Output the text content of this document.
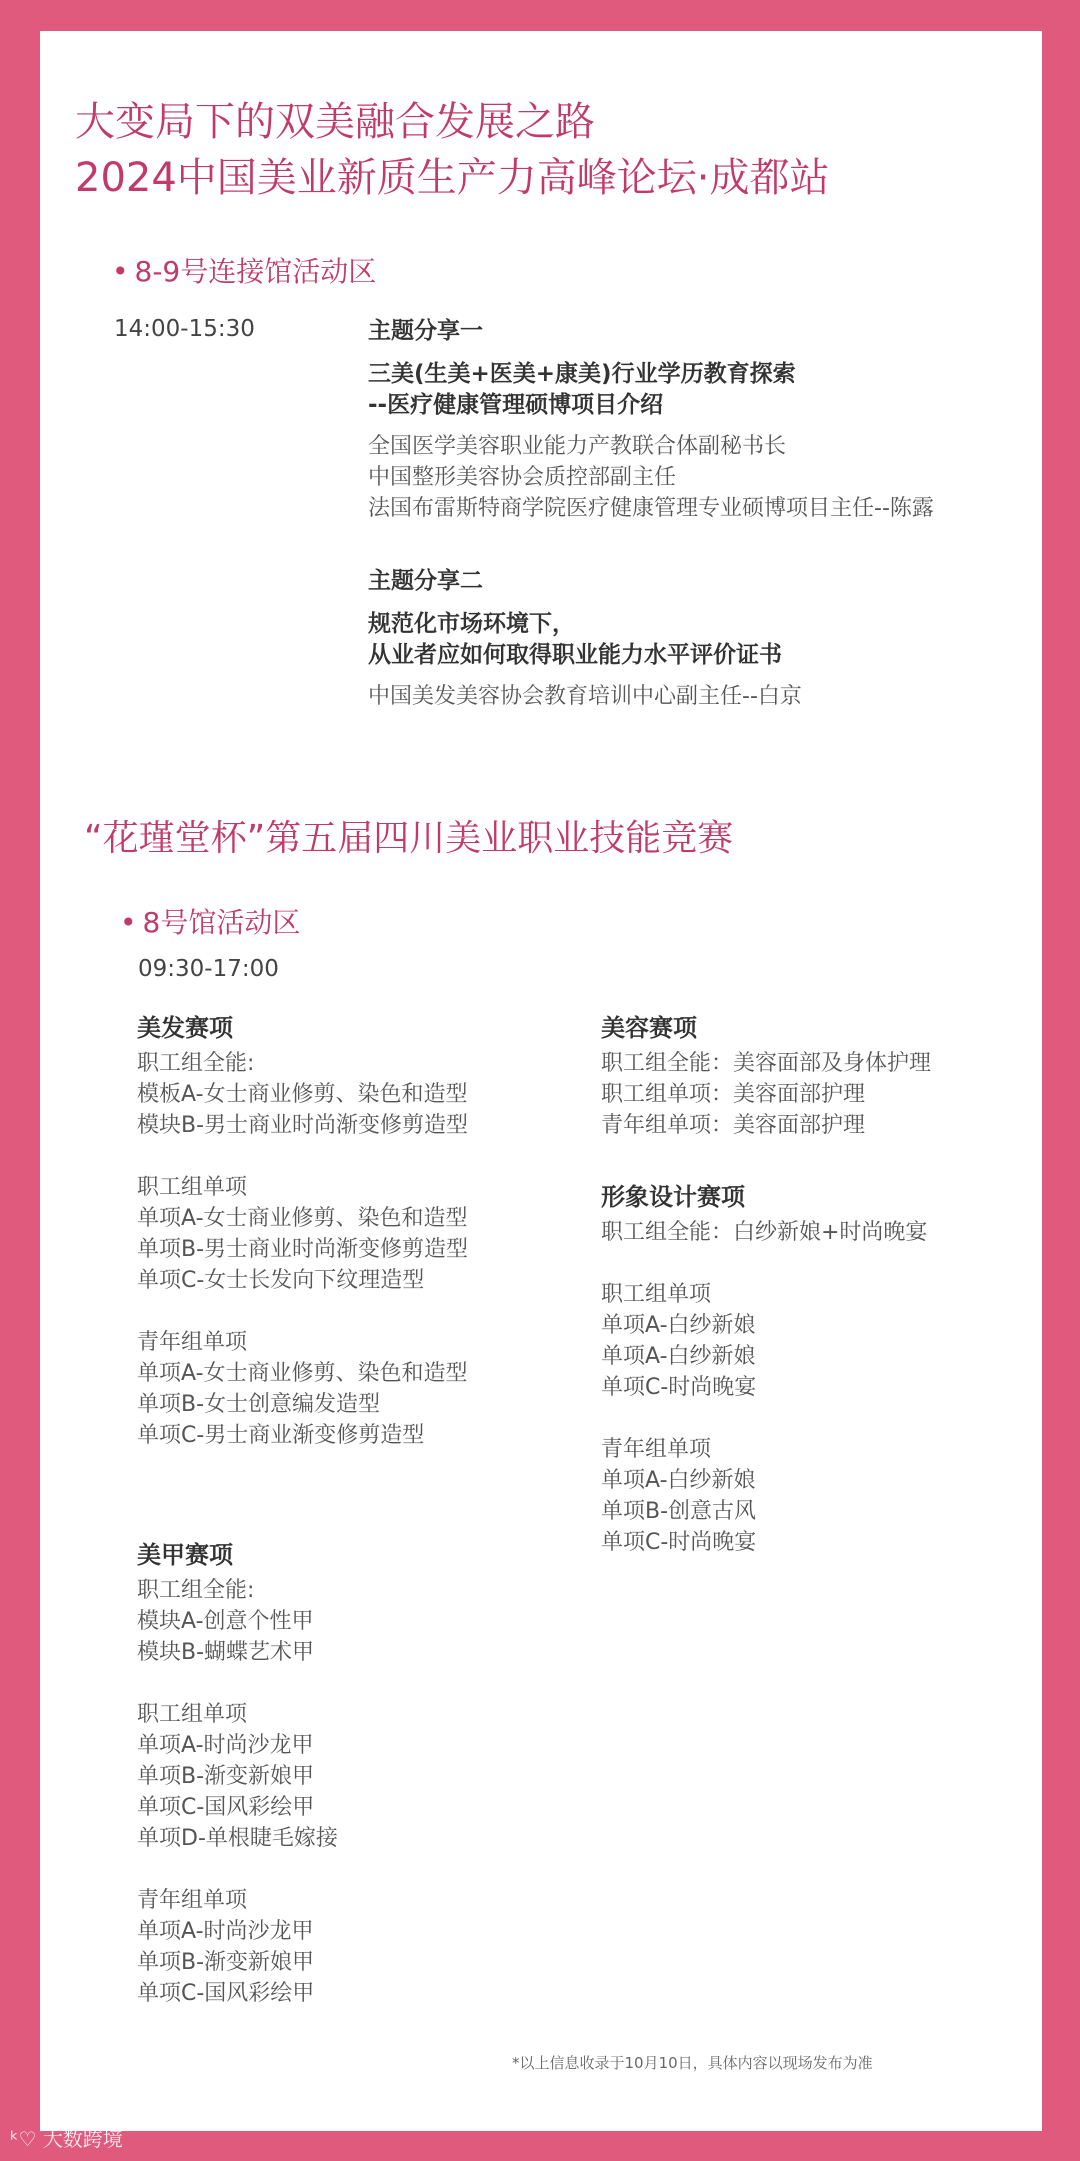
大变局下的双美融合发展之路
2024中国美业新质生产力高峰论坛·成都站
• 8-9号连接馆活动区
14:00-15:30	主题分享一
三美(生美+医美+康美)行业学历教育探索
--医疗健康管理硕博项目介绍
全国医学美容职业能力产教联合体副秘书长
中国整形美容协会质控部副主任
法国布雷斯特商学院医疗健康管理专业硕博项目主任--陈露
主题分享二
规范化市场环境下，
从业者应如何取得职业能力水平评价证书
中国美发美容协会教育培训中心副主任--白京
“花瑾堂杯”第五届四川美业职业技能竞赛
• 8号馆活动区
09:30-17:00
美发赛项
职工组全能:
模板A-女士商业修剪、染色和造型
模块B-男士商业时尚渐变修剪造型
职工组单项
单项A-女士商业修剪、染色和造型
单项B-男士商业时尚渐变修剪造型
单项C-女士长发向下纹理造型
青年组单项
单项A-女士商业修剪、染色和造型
单项B-女士创意编发造型
单项C-男士商业渐变修剪造型
美甲赛项
职工组全能:
模块A-创意个性甲
模块B-蝴蝶艺术甲
职工组单项
单项A-时尚沙龙甲
单项B-渐变新娘甲
单项C-国风彩绘甲
单项D-单根睫毛嫁接
青年组单项
单项A-时尚沙龙甲
单项B-渐变新娘甲
单项C-国风彩绘甲
美容赛项
职工组全能：美容面部及身体护理
职工组单项：美容面部护理
青年组单项：美容面部护理
形象设计赛项
职工组全能：白纱新娘+时尚晚宴
职工组单项
单项A-白纱新娘
单项A-白纱新娘
单项C-时尚晚宴
青年组单项
单项A-白纱新娘
单项B-创意古风
单项C-时尚晚宴
*以上信息收录于10月10日，具体内容以现场发布为准
ᵏ♡ 大数跨境
